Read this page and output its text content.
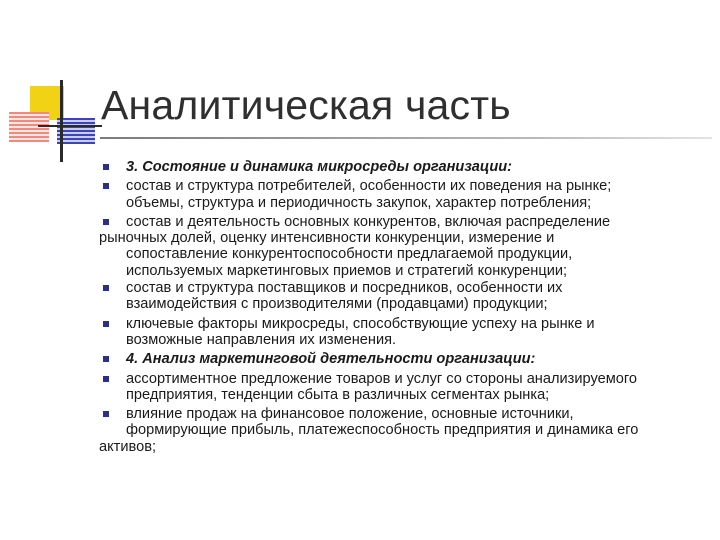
Аналитическая часть
3. Состояние и динамика микросреды организации:
состав и структура потребителей, особенности их поведения на рынке;
объемы, структура и периодичность закупок, характер потребления;
состав и деятельность основных конкурентов, включая распределение
рыночных долей, оценку интенсивности конкуренции, измерение и
сопоставление конкурентоспособности предлагаемой продукции,
используемых маркетинговых приемов и стратегий конкуренции;
состав и структура поставщиков и посредников, особенности их
взаимодействия с производителями (продавцами) продукции;
ключевые факторы микросреды, способствующие успеху на рынке и
возможные направления их изменения.
4. Анализ маркетинговой деятельности организации:
ассортиментное предложение товаров и услуг со стороны анализируемого
предприятия, тенденции сбыта в различных сегментах рынка;
влияние продаж на финансовое положение, основные источники,
формирующие прибыль, платежеспособность предприятия и динамика его
активов;
